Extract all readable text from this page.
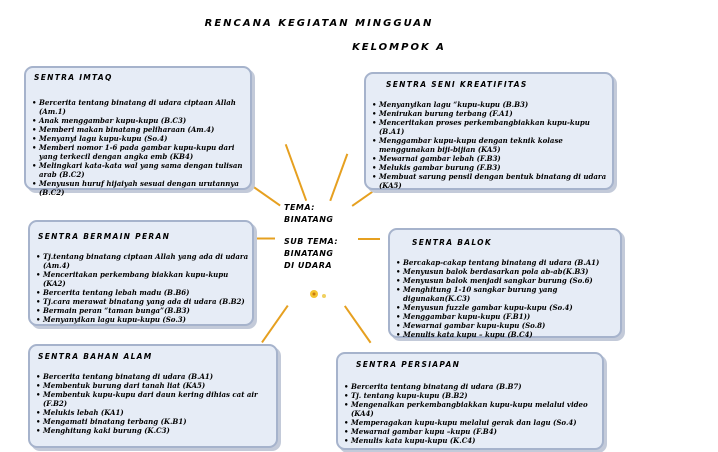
RENCANA KEGIATAN MINGGUAN
KELOMPOK A
SENTRA IMTAQ
• Bercerita tentang binatang di udara ciptaan Allah (Am.1)
• Anak menggambar kupu-kupu (B.C3)
• Memberi makan binatang peliharaan (Am.4)
• Menyanyi lagu kupu-kupu (So.4)
• Memberi nomor 1-6 pada gambar kupu-kupu dari yang terkecil dengan angka emb (KB4)
• Melingkari kata-kata wal yang sama dengan tulisan arab (B.C2)
• Menyusun huruf hijaiyah sesuai dengan urutannya (B.C2)
SENTRA SENI KREATIFITAS
• Menyanyikan lagu “kupu-kupu (B.B3)
• Menirukan burung terbang (F.A1)
• Menceritakan proses perkembangbiakkan kupu-kupu (B.A1)
• Menggambar kupu-kupu dengan teknik kolase menggunakan biji-bijian (KA5)
• Mewarnai gambar lebah (F.B3)
• Melukis gambar burung (F.B3)
• Membuat sarung pensil dengan bentuk binatang di udara (KA5)
SENTRA BERMAIN PERAN
• Tj.tentang binatang ciptaan Allah yang ada di udara (Am.4)
• Menceritakan perkembang biakkan kupu-kupu (KA2)
• Bercerita tentang lebah madu (B.B6)
• Tj.cara merawat binatang yang ada di udara (B.B2)
• Bermain peran “taman bunga”(B.B3)
• Menyanyikan lagu kupu-kupu (So.3)
SENTRA BALOK
• Bercakap-cakap tentang binatang di udara (B.A1)
• Menyusun balok berdasarkan pola ab-ab(K.B3)
• Menyusun balok menjadi sangkar burung (So.6)
• Menghitung 1-10 sangkar burung yang digunakan(K.C3)
• Menyusun fuzzle gambar kupu-kupu (So.4)
• Menggambar kupu-kupu (F.B1))
• Mewarnai gambar kupu-kupu (So.8)
• Menulis kata kupu – kupu (B.C4)
SENTRA BAHAN ALAM
• Bercerita tentang binatang di udara (B.A1)
• Membentuk burung dari tanah liat (KA5)
• Membentuk kupu-kupu dari daun kering dihias cat air (F.B2)
• Melukis lebah (KA1)
• Mengamati binatang terbang (K.B1)
• Menghitung kaki burung (K.C3)
SENTRA PERSIAPAN
• Bercerita tentang binatang di udara (B.B7)
• Tj. tentang kupu-kupu (B.B2)
• Mengenalkan perkembangbiakkan kupu-kupu melalui video (KA4)
• Memperagakan kupu-kupu melalui gerak dan lagu (So.4)
• Mewarnai gambar kupu –kupu (F.B4)
• Menulis kata kupu-kupu (K.C4)
TEMA:
BINATANG
SUB TEMA:
BINATANG
DI UDARA
